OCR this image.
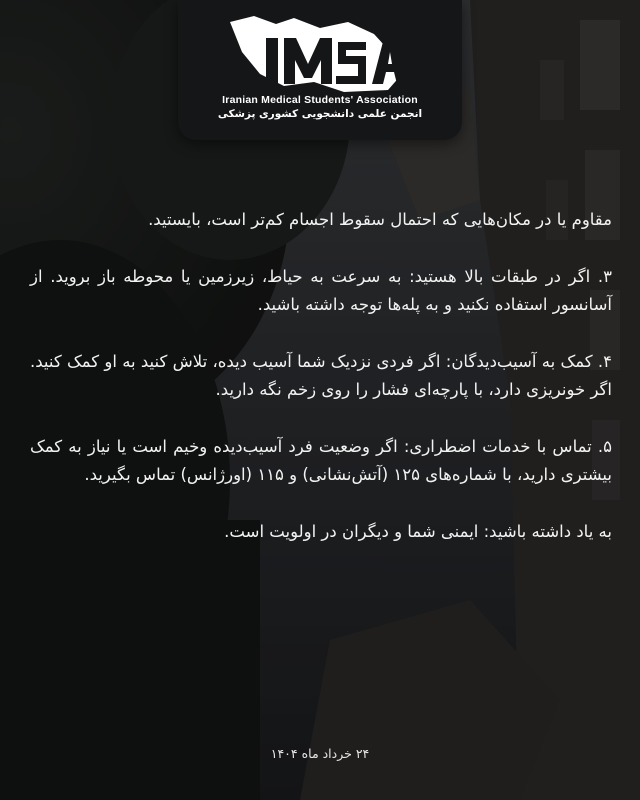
Iranian Medical Students' Association
انجمن علمی دانشجویی کشوری پزشکی

مقاوم یا در مکان‌هایی که احتمال سقوط اجسام کم‌تر است، بایستید.

۳. اگر در طبقات بالا هستید: به سرعت به حیاط، زیرزمین یا محوطه باز بروید. از آسانسور استفاده نکنید و به پله‌ها توجه داشته باشید.

۴. کمک به آسیب‌دیدگان: اگر فردی نزدیک شما آسیب دیده، تلاش کنید به او کمک کنید. اگر خونریزی دارد، با پارچه‌ای فشار را روی زخم نگه دارید.

۵. تماس با خدمات اضطراری: اگر وضعیت فرد آسیب‌دیده وخیم است یا نیاز به کمک بیشتری دارید، با شماره‌های ۱۲۵ (آتش‌نشانی) و ۱۱۵ (اورژانس) تماس بگیرید.

به یاد داشته باشید: ایمنی شما و دیگران در اولویت است.

۲۴ خرداد ماه ۱۴۰۴
